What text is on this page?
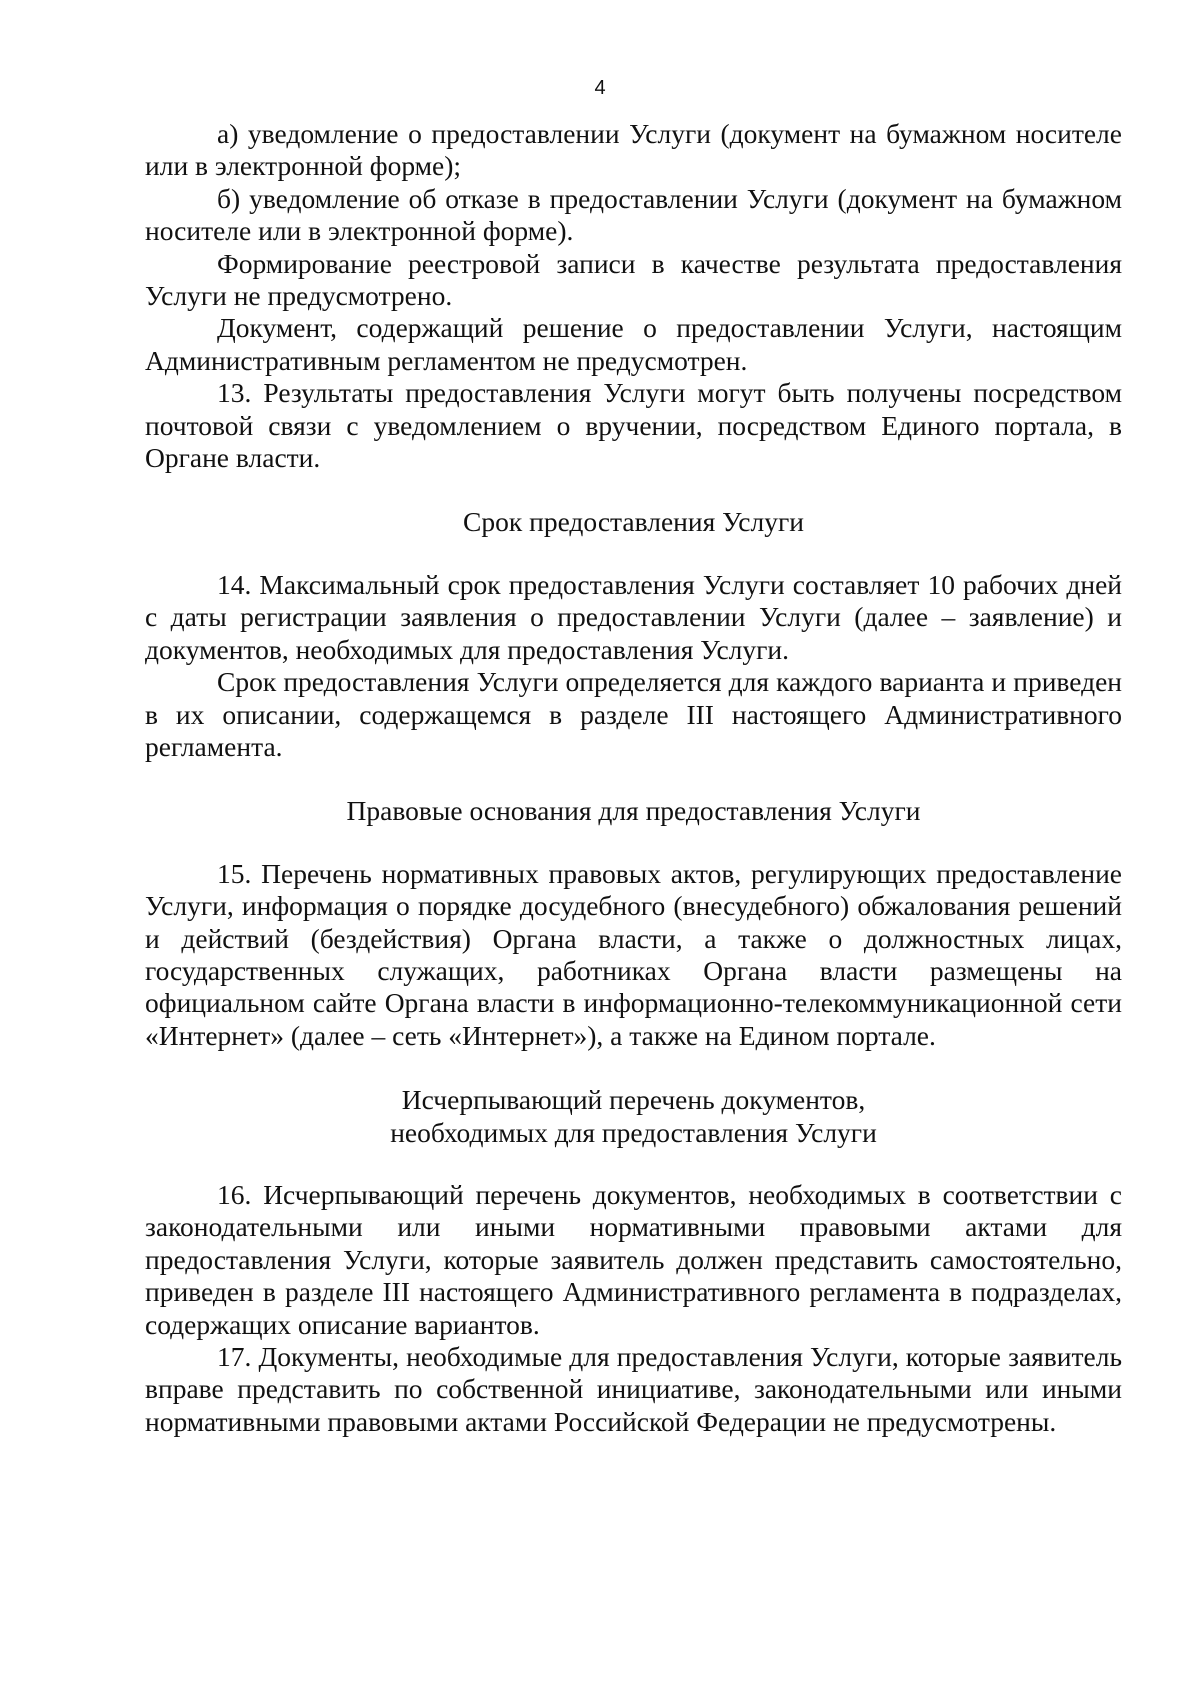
4

а) уведомление о предоставлении Услуги (документ на бумажном носителе или в электронной форме);

б) уведомление об отказе в предоставлении Услуги (документ на бумажном носителе или в электронной форме).

Формирование реестровой записи в качестве результата предоставления Услуги не предусмотрено.

Документ, содержащий решение о предоставлении Услуги, настоящим Административным регламентом не предусмотрен.

13. Результаты предоставления Услуги могут быть получены посредством почтовой связи с уведомлением о вручении, посредством Единого портала, в Органе власти.

Срок предоставления Услуги

14. Максимальный срок предоставления Услуги составляет 10 рабочих дней с даты регистрации заявления о предоставлении Услуги (далее – заявление) и документов, необходимых для предоставления Услуги.

Срок предоставления Услуги определяется для каждого варианта и приведен в их описании, содержащемся в разделе III настоящего Административного регламента.

Правовые основания для предоставления Услуги

15. Перечень нормативных правовых актов, регулирующих предоставление Услуги, информация о порядке досудебного (внесудебного) обжалования решений и действий (бездействия) Органа власти, а также о должностных лицах, государственных служащих, работниках Органа власти размещены на официальном сайте Органа власти в информационно-телекоммуникационной сети «Интернет» (далее – сеть «Интернет»), а также на Едином портале.

Исчерпывающий перечень документов,
необходимых для предоставления Услуги

16. Исчерпывающий перечень документов, необходимых в соответствии с законодательными или иными нормативными правовыми актами для предоставления Услуги, которые заявитель должен представить самостоятельно, приведен в разделе III настоящего Административного регламента в подразделах, содержащих описание вариантов.

17. Документы, необходимые для предоставления Услуги, которые заявитель вправе представить по собственной инициативе, законодательными или иными нормативными правовыми актами Российской Федерации не предусмотрены.
